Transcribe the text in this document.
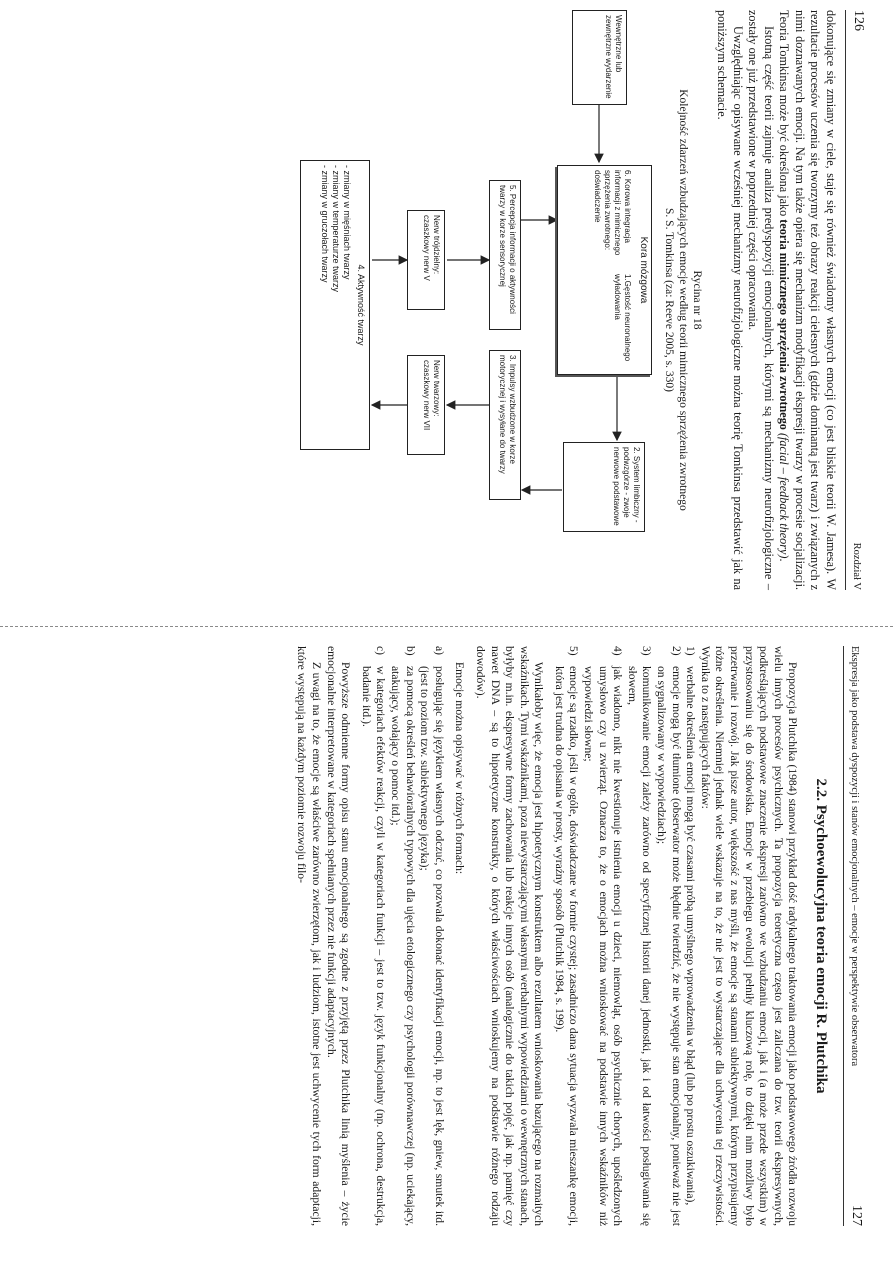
126
Rozdział V

dokonujące się zmiany w ciele, staje się również świadomy własnych emocji (co jest bliskie teorii W. Jamesa). W rezultacie procesów uczenia się tworzymy też obrazy reakcji cielesnych (gdzie dominantą jest twarz) i związanych z nimi doznawanych emocji. Na tym także opiera się mechanizm modyfikacji ekspresji twarzy w procesie socjalizacji. Teoria Tomkinsa może być określona jako teoria mimicznego sprzężenia zwrotnego (facial – feedback theory).

Istotną część teorii zajmuje analiza predyspozycji emocjonalnych, którymi są mechanizmy neurofizjologiczne – zostały one już przedstawione w poprzedniej części opracowania.

Uwzględniając opisywane wcześniej mechanizmy neurofizjologiczne można teorię Tomkinsa przedstawić jak na poniższym schemacie.

Rycina nr 18
Kolejność zdarzeń wzbudzających emocje według teorii mimicznego sprzężenia zwrotnego
S. S. Tomkinsa (za: Reeve 2005, s. 330)
Wewnętrzne lub zewnętrzne wydarzenie
Kora mózgowa
6. Korowa integracja informacji z mimicznego sprzężenia zwrotnego: doświadczenie
1.Gęstość neuronalnego wyładowania
2. System limbiczny - podwzgórze - zwoje nerwowe podstawowe
3. Impulsy wzbudzone w korze motorycznej i wysyłane do twarzy
5. Percepcja informacji o aktywności twarzy w korze sensorycznej
Nerw twarzowy: czaszkowy nerw VII
Nerw trójdzielny: czaszkowy nerw V
4. Aktywność twarzy
- zmiany w mięśniach twarzy
- zmiany w temperaturze twarzy
- zmiany w gruczołach twarzy
Ekspresja jako podstawa dyspozycji i stanów emocjonalnych – emocje w perspektywie obserwatora
127
2.2. Psychoewolucyjna teoria emocji R. Plutchika

Propozycja Plutchika (1984) stanowi przykład dość radykalnego traktowania emocji jako podstawowego źródła rozwoju wielu innych procesów psychicznych. Ta propozycja teoretyczna często jest zaliczana do tzw. teorii ekspresywnych, podkreślających podstawowe znaczenie ekspresji zarówno we wzbudzaniu emocji, jak i (a może przede wszystkim) w przystosowaniu się do środowiska. Emocje w przebiegu ewolucji pełniły kluczową rolę, to dzięki nim możliwy było przetrwanie i rozwój. Jak pisze autor, większość z nas myśli, że emocje są stanami subiektywnymi, którym przypisujemy różne określenia. Niemniej jednak wiele wskazuje na to, że nie jest to wystarczające dla uchwycenia tej rzeczywistości. Wynika to z następujących faktów:

1)
werbalne określenia emocji mogą być czasami próbą umyślnego wprowadzenia w błąd (lub po prostu oszukiwania),
2)
emocje mogą być tłumione (obserwator może błędnie twierdzić, że nie występuje stan emocjonalny, ponieważ nie jest on sygnalizowany w wypowiedziach);
3)
komunikowanie emocji zależy zarówno od specyficznej historii danej jednostki, jak i od łatwości posługiwania się słowem,
4)
jak wiadomo, nikt nie kwestionuje istnienia emocji u dzieci, niemowląt, osób psychicznie chorych, upośledzonych umysłowo czy u zwierząt. Oznacza to, że o emocjach można wnioskować na podstawie innych wskaźników niż wypowiedzi słowne;
5)
emocje są rzadko, jeśli w ogóle, doświadczane w formie czystej; zasadniczo dana sytuacja wyzwala mieszankę emocji, która jest trudna do opisania w prosty, wyraźny sposób (Plutchik 1984, s. 199).

Wynikałoby więc, że emocja jest hipotetycznym konstruktem albo rezultatem wnioskowania bazującego na rozmaitych wskaźnikach. Tymi wskaźnikami, poza niewystarczającymi własnymi werbalnymi wypowiedziami o wewnętrznych stanach, byłyby m.in. ekspresywne formy zachowania lub reakcje innych osób (analogicznie do takich pojęć, jak np. pamięć czy nawet DNA – są to hipotetyczne konstrukty, o których właściwościach wnioskujemy na podstawie różnego rodzaju dowodów).

Emocje można opisywać w różnych formach:

a)
posługując się językiem własnych odczuć, co pozwala dokonać identyfikacji emocji, np. to jest lęk, gniew, smutek itd. (jest to poziom tzw. subiektywnego języka);
b)
za pomocą określeń behawioralnych typowych dla ujęcia etologicznego czy psychologii porównawczej (np. uciekający, atakujący, wołający o pomoc itd.);
c)
w kategoriach efektów reakcji, czyli w kategoriach funkcji – jest to tzw. język funkcjonalny (np. ochrona, destrukcja, badanie itd.).

Powyższe odmienne formy opisu stanu emocjonalnego są zgodne z przyjętą przez Plutchika linią myślenia – życie emocjonalne interpretowane w kategoriach spełnianych przez nie funkcji adaptacyjnych.

Z uwagi na to, że emocje są właściwe zarówno zwierzętom, jak i ludziom, istotne jest uchwycenie tych form adaptacji, które występują na każdym poziomie rozwoju filo-
